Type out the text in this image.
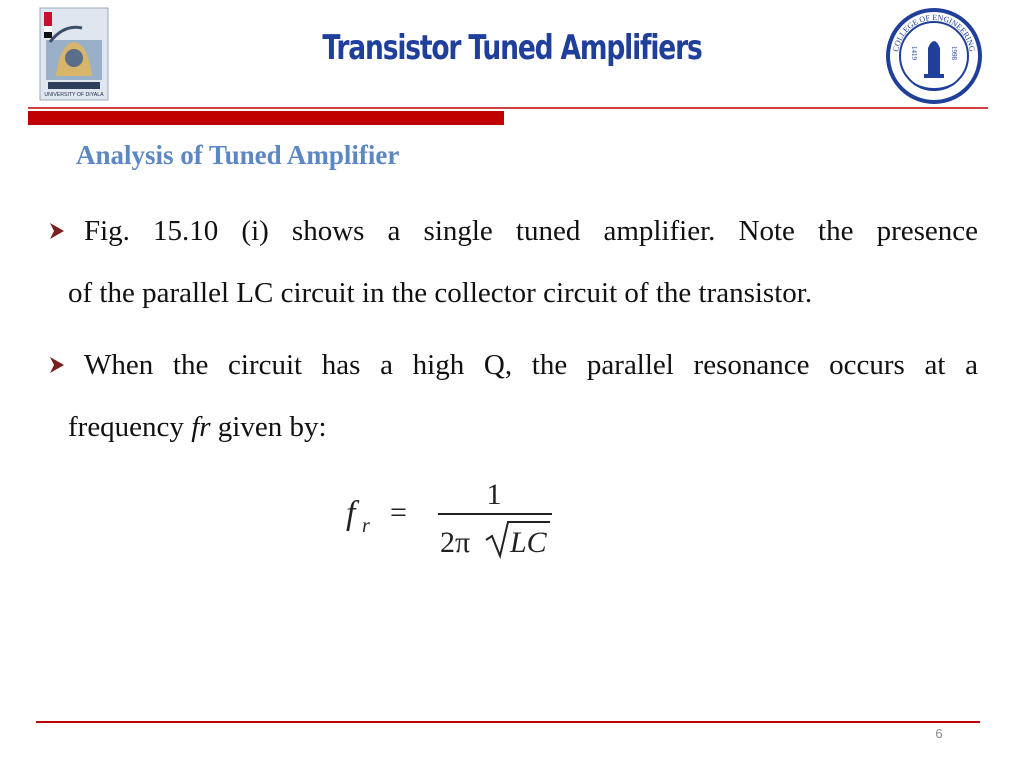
UNIVERSITY OF DIYALA
Transistor Tuned Amplifiers	COLLEGE OF ENGINEERING
1419	1998
Analysis of Tuned Amplifier
Fig. 15.10 (i) shows a single tuned amplifier. Note the presence
of the parallel LC circuit in the collector circuit of the transistor.
When the circuit has a high Q, the parallel resonance occurs at a
frequency fr given by:
f r =
1
2π LC
6
